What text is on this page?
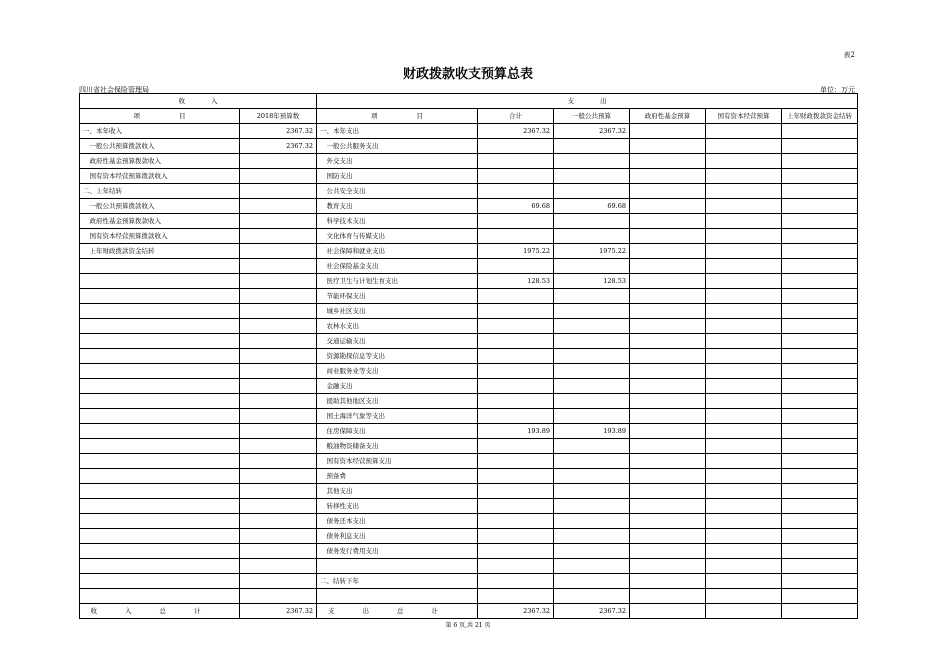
表2
财政拨款收支预算总表
四川省社会保险管理局	单位：万元
收　　　　入		支　　　　出					
项　　　　　　目	2018年预算数	项　　　　　　目	合计	一般公共预算	政府性基金预算	国有资本经营预算	上年财政拨款资金结转
一、本年收入	2367.32	一、本年支出	2367.32	2367.32			
　一般公共预算拨款收入	2367.32	　一般公共服务支出					
　政府性基金预算拨款收入		　外交支出					
　国有资本经营预算拨款收入		　国防支出					
二、上年结转		　公共安全支出					
　一般公共预算拨款收入		　教育支出	69.68	69.68			
　政府性基金预算拨款收入		　科学技术支出					
　国有资本经营预算拨款收入		　文化体育与传媒支出					
　上年财政拨款资金结转		　社会保障和就业支出	1975.22	1975.22			
		　社会保险基金支出					
		　医疗卫生与计划生育支出	128.53	128.53			
		　节能环保支出					
		　城乡社区支出					
		　农林水支出					
		　交通运输支出					
		　资源勘探信息等支出					
		　商业服务业等支出					
		　金融支出					
		　援助其他地区支出					
		　国土海洋气象等支出					
		　住房保障支出	193.89	193.89			
		　粮油物资储备支出					
		　国有资本经营预算支出					
		　预备费					
		　其他支出					
		　转移性支出					
		　债务还本支出					
		　债务利息支出					
		　债务发行费用支出					

		二、结转下年					

收入总计	2367.32	支出总计	2367.32	2367.32			
第 6 页,共 21 页
